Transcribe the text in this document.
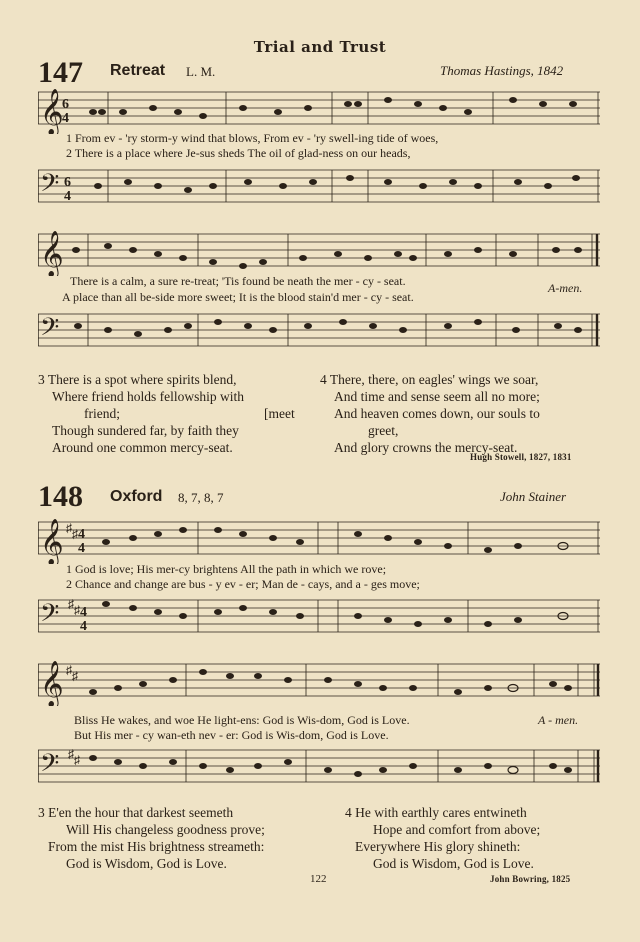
Trial and Trust
147 Retreat L. M.	Thomas Hastings, 1842
𝄞
6
4
1 From ev - 'ry storm-y wind that blows, From ev - 'ry swell-ing tide of woes,
2 There is a place where Je-sus sheds The oil of glad-ness on our heads,
𝄢 6
4
𝄞
There is a calm, a sure re-treat; 'Tis found be neath the mer - cy - seat.
A place than all be-side more sweet; It is the blood stain'd mer - cy - seat.
A-men.
𝄢
3 There is a spot where spirits blend,
Where friend holds fellowship with
friend;	[meet
Though sundered far, by faith they
Around one common mercy-seat.
4 There, there, on eagles' wings we soar,
And time and sense seem all no more;
And heaven comes down, our souls to
greet,
And glory crowns the mercy-seat.
Hugh Stowell, 1827, 1831
148 Oxford 8, 7, 8, 7	John Stainer
𝄞 ♯ ♯ 4
4
1 God is love; His mer-cy brightens All the path in which we rove;
2 Chance and change are bus - y ev - er; Man de - cays, and a - ges move;
𝄢 ♯ ♯ 4
4
𝄞 ♯ ♯
Bliss He wakes, and woe He light-ens: God is Wis-dom, God is Love.
But His mer - cy wan-eth nev - er: God is Wis-dom, God is Love.
A - men.
𝄢 ♯ ♯
3 E'en the hour that darkest seemeth
Will His changeless goodness prove;
From the mist His brightness streameth:
God is Wisdom, God is Love.
4 He with earthly cares entwineth
Hope and comfort from above;
Everywhere His glory shineth:
God is Wisdom, God is Love.
122	John Bowring, 1825
